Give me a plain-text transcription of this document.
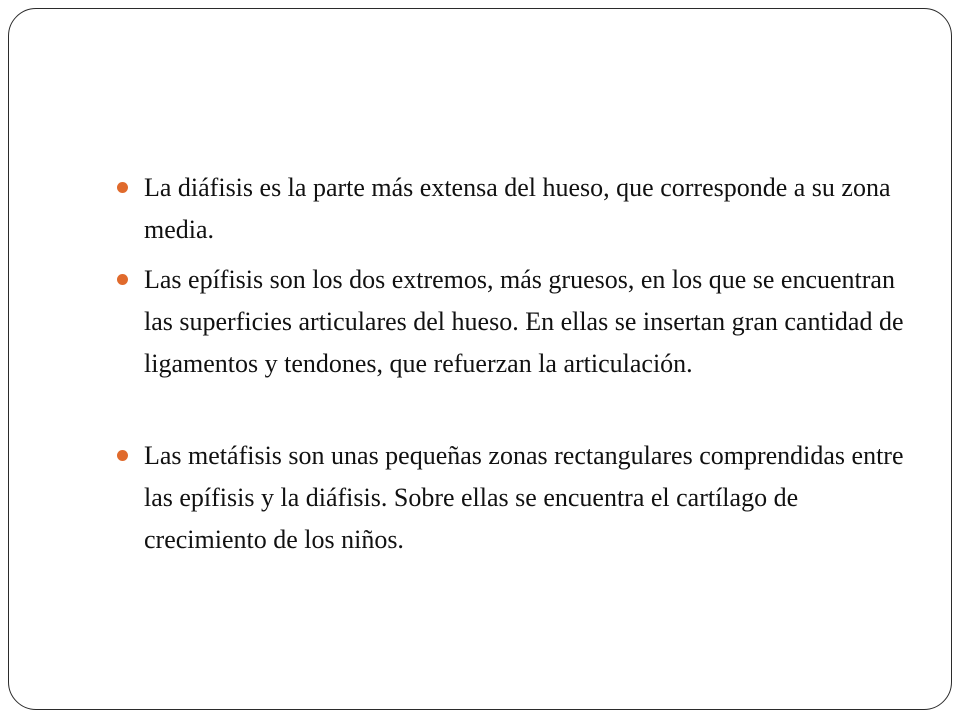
La diáfisis es la parte más extensa del hueso, que corresponde a su zona media.
Las epífisis son los dos extremos, más gruesos, en los que se encuentran las superficies articulares del hueso. En ellas se insertan gran cantidad de ligamentos y tendones, que refuerzan la articulación.
Las metáfisis son unas pequeñas zonas rectangulares comprendidas entre las epífisis y la diáfisis. Sobre ellas se encuentra el cartílago de crecimiento de los niños.
